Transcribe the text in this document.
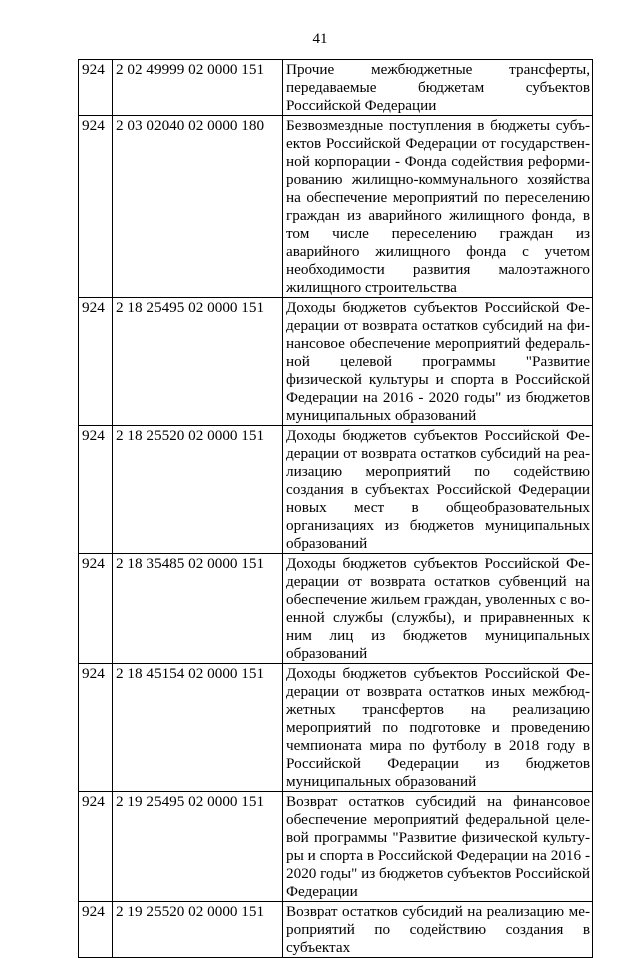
41
924	2 02 49999 02 0000 151	Прочие межбюджетные трансферты, передаваемые бюджетам субъектов Российской Федерации
924	2 03 02040 02 0000 180	Безвозмездные поступления в бюджеты субъектов Российской Федерации от государственной корпорации - Фонда содействия реформированию жилищно-коммунального хозяйства на обеспечение мероприятий по переселению граждан из аварийного жилищного фонда, в том числе переселению граждан из аварийного жилищного фонда с учетом необходимости развития малоэтажного жилищного строительства
924	2 18 25495 02 0000 151	Доходы бюджетов субъектов Российской Федерации от возврата остатков субсидий на финансовое обеспечение мероприятий федеральной целевой программы "Развитие физической культуры и спорта в Российской Федерации на 2016 - 2020 годы" из бюджетов муниципальных образований
924	2 18 25520 02 0000 151	Доходы бюджетов субъектов Российской Федерации от возврата остатков субсидий на реализацию мероприятий по содействию создания в субъектах Российской Федерации новых мест в общеобразовательных организациях из бюджетов муниципальных образований
924	2 18 35485 02 0000 151	Доходы бюджетов субъектов Российской Федерации от возврата остатков субвенций на обеспечение жильем граждан, уволенных с военной службы (службы), и приравненных к ним лиц из бюджетов муниципальных образований
924	2 18 45154 02 0000 151	Доходы бюджетов субъектов Российской Федерации от возврата остатков иных межбюджетных трансфертов на реализацию мероприятий по подготовке и проведению чемпионата мира по футболу в 2018 году в Российской Федерации из бюджетов муниципальных образований
924	2 19 25495 02 0000 151	Возврат остатков субсидий на финансовое обеспечение мероприятий федеральной целевой программы "Развитие физической культуры и спорта в Российской Федерации на 2016 - 2020 годы" из бюджетов субъектов Российской Федерации
924	2 19 25520 02 0000 151	Возврат остатков субсидий на реализацию мероприятий по содействию создания в субъектах
